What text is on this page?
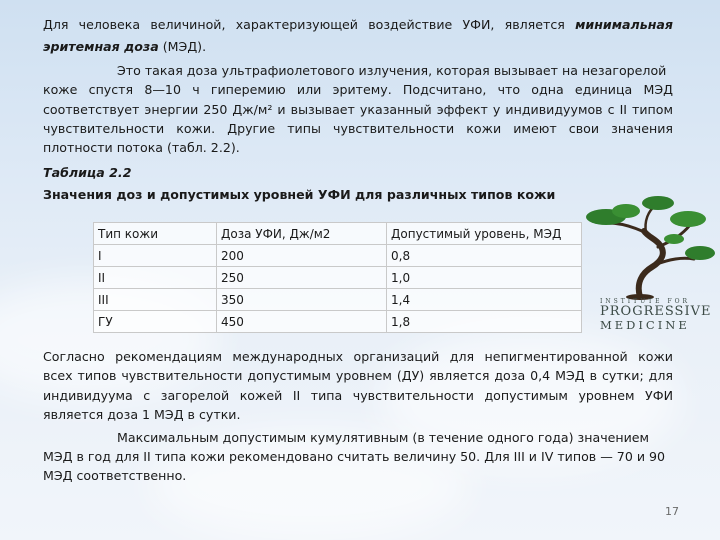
Для человека величиной, характеризующей воздействие УФИ, является минимальная
эритемная доза (МЭД).
Это такая доза ультрафиолетового излучения, которая вызывает на незагорелой
коже спустя 8—10 ч гиперемию или эритему. Подсчитано, что одна единица МЭД
соответствует энергии 250 Дж/м² и вызывает указанный эффект у индивидуумов с II типом
чувствительности кожи. Другие типы чувствительности кожи имеют свои значения
плотности потока (табл. 2.2).
Таблица 2.2
Значения доз и допустимых уровней УФИ для различных типов кожи
Тип кожи	Доза УФИ, Дж/м2	Допустимый уровень, МЭД
I	200	0,8
II	250	1,0
III	350	1,4
ГУ	450	1,8
INSTITUTE FOR
PROGRESSIVE
MEDICINE
Согласно рекомендациям международных организаций для непигментированной кожи
всех типов чувствительности допустимым уровнем (ДУ) является доза 0,4 МЭД в сутки; для
индивидуума с загорелой кожей II типа чувствительности допустимым уровнем УФИ
является доза 1 МЭД в сутки.
Максимальным допустимым кумулятивным (в течение одного года) значением
МЭД в год для II типа кожи рекомендовано считать величину 50. Для III и IV типов — 70 и 90
МЭД соответственно.
17
